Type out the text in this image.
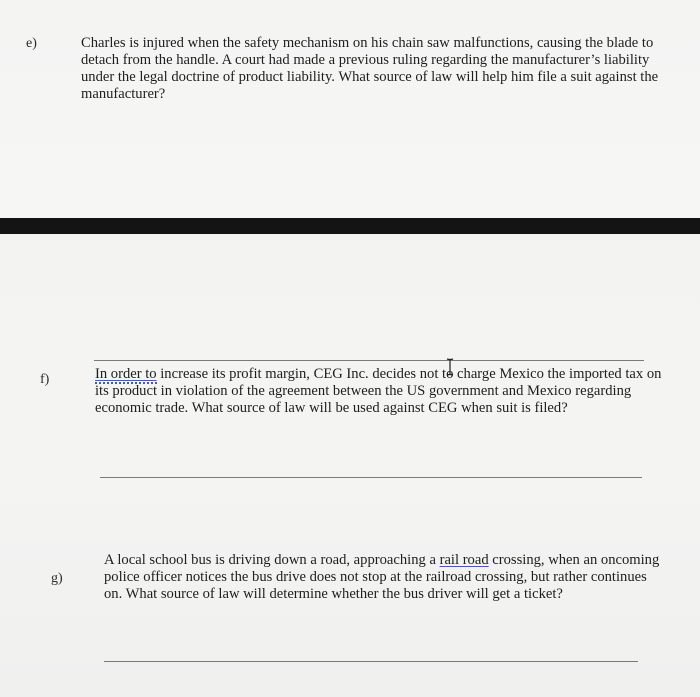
e)	Charles is injured when the safety mechanism on his chain saw malfunctions, causing the blade to detach from the handle. A court had made a previous ruling regarding the manufacturer’s liability under the legal doctrine of product liability. What source of law will help him file a suit against the manufacturer?
f)	In order to increase its profit margin, CEG Inc. decides not to charge Mexico the imported tax on its product in violation of the agreement between the US government and Mexico regarding economic trade. What source of law will be used against CEG when suit is filed?
g)
A local school bus is driving down a road, approaching a rail road crossing, when an oncoming police officer notices the bus drive does not stop at the railroad crossing, but rather continues on. What source of law will determine whether the bus driver will get a ticket?
